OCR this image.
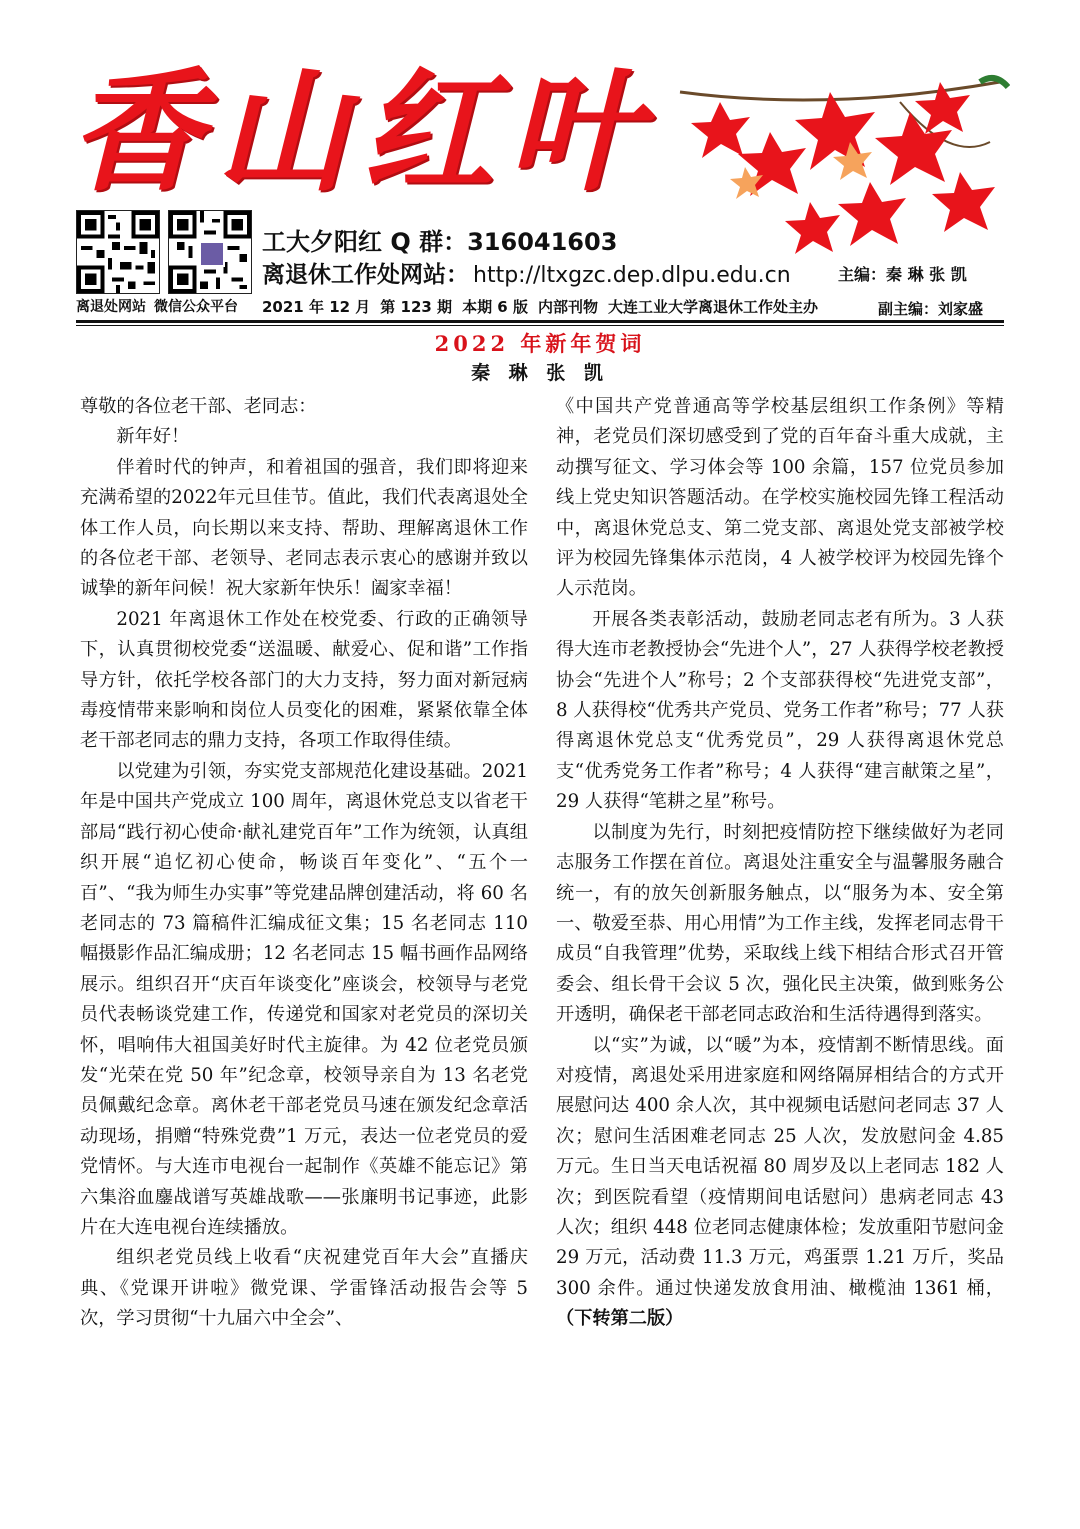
香山红叶
工大夕阳红 Q 群：316041603
离退休工作处网站： http://ltxgzc.dep.dlpu.edu.cn	主编：秦 琳 张 凯
离退处网站 微信公众平台	2021 年 12 月 第 123 期 本期 6 版 内部刊物 大连工业大学离退休工作处主办	副主编：刘家盛
2022 年新年贺词
秦 琳 张 凯

尊敬的各位老干部、老同志：

新年好！

伴着时代的钟声，和着祖国的强音，我们即将迎来充满希望的2022年元旦佳节。值此，我们代表离退处全体工作人员，向长期以来支持、帮助、理解离退休工作的各位老干部、老领导、老同志表示衷心的感谢并致以诚挚的新年问候！祝大家新年快乐！阖家幸福！

2021 年离退休工作处在校党委、行政的正确领导下，认真贯彻校党委“送温暖、献爱心、促和谐”工作指导方针，依托学校各部门的大力支持，努力面对新冠病毒疫情带来影响和岗位人员变化的困难，紧紧依靠全体老干部老同志的鼎力支持，各项工作取得佳绩。

以党建为引领，夯实党支部规范化建设基础。2021 年是中国共产党成立 100 周年，离退休党总支以省老干部局“践行初心使命·献礼建党百年”工作为统领，认真组织开展“追忆初心使命，畅谈百年变化”、“五个一百”、“我为师生办实事”等党建品牌创建活动，将 60 名老同志的 73 篇稿件汇编成征文集；15 名老同志 110 幅摄影作品汇编成册；12 名老同志 15 幅书画作品网络展示。组织召开“庆百年谈变化”座谈会，校领导与老党员代表畅谈党建工作，传递党和国家对老党员的深切关怀，唱响伟大祖国美好时代主旋律。为 42 位老党员颁发“光荣在党 50 年”纪念章，校领导亲自为 13 名老党员佩戴纪念章。离休老干部老党员马速在颁发纪念章活动现场，捐赠“特殊党费”1 万元，表达一位老党员的爱党情怀。与大连市电视台一起制作《英雄不能忘记》第六集浴血鏖战谱写英雄战歌——张廉明书记事迹，此影片在大连电视台连续播放。

组织老党员线上收看“庆祝建党百年大会”直播庆典、《党课开讲啦》微党课、学雷锋活动报告会等 5 次，学习贯彻“十九届六中全会”、

《中国共产党普通高等学校基层组织工作条例》等精神，老党员们深切感受到了党的百年奋斗重大成就，主动撰写征文、学习体会等 100 余篇，157 位党员参加线上党史知识答题活动。在学校实施校园先锋工程活动中，离退休党总支、第二党支部、离退处党支部被学校评为校园先锋集体示范岗，4 人被学校评为校园先锋个人示范岗。

开展各类表彰活动，鼓励老同志老有所为。3 人获得大连市老教授协会“先进个人”，27 人获得学校老教授协会“先进个人”称号；2 个支部获得校“先进党支部”，8 人获得校“优秀共产党员、党务工作者”称号；77 人获得离退休党总支“优秀党员”，29 人获得离退休党总支“优秀党务工作者”称号；4 人获得“建言献策之星”，29 人获得“笔耕之星”称号。

以制度为先行，时刻把疫情防控下继续做好为老同志服务工作摆在首位。离退处注重安全与温馨服务融合统一，有的放矢创新服务触点，以“服务为本、安全第一、敬爱至恭、用心用情”为工作主线，发挥老同志骨干成员“自我管理”优势，采取线上线下相结合形式召开管委会、组长骨干会议 5 次，强化民主决策，做到账务公开透明，确保老干部老同志政治和生活待遇得到落实。

以“实”为诚，以“暖”为本，疫情割不断情思线。面对疫情，离退处采用进家庭和网络隔屏相结合的方式开展慰问达 400 余人次，其中视频电话慰问老同志 37 人次；慰问生活困难老同志 25 人次，发放慰问金 4.85 万元。生日当天电话祝福 80 周岁及以上老同志 182 人次；到医院看望（疫情期间电话慰问）患病老同志 43 人次；组织 448 位老同志健康体检；发放重阳节慰问金 29 万元，活动费 11.3 万元，鸡蛋票 1.21 万斤，奖品 300 余件。通过快递发放食用油、橄榄油 1361 桶，（下转第二版）
